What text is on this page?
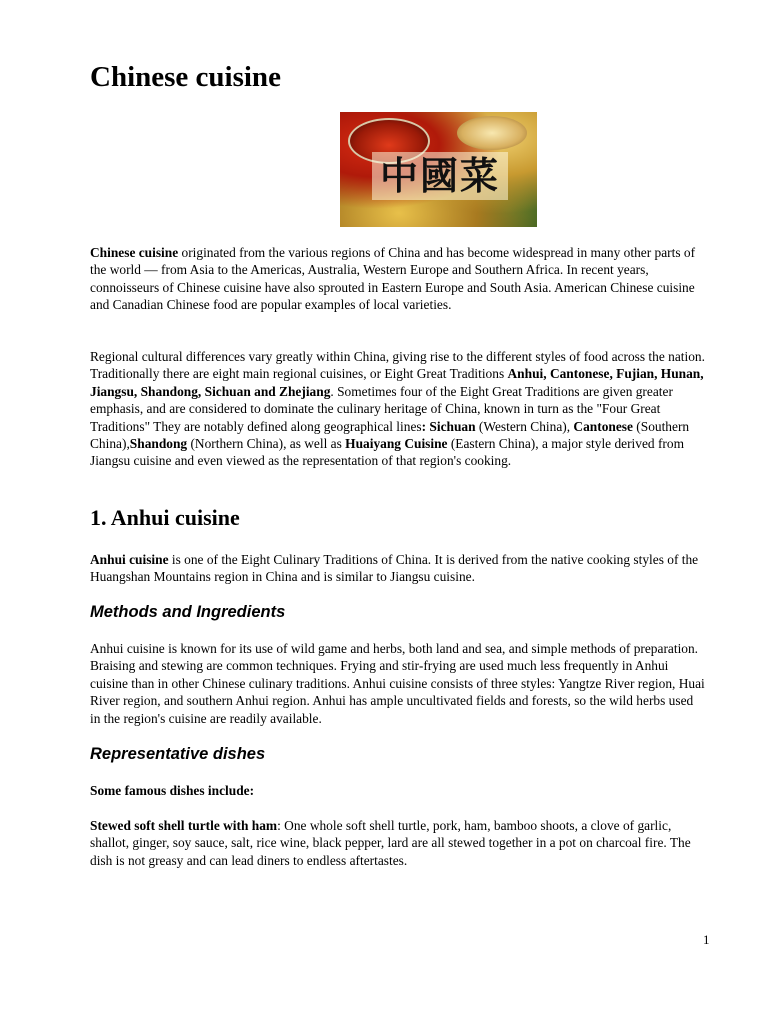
Chinese cuisine
中國菜

Chinese cuisine originated from the various regions of China and has become widespread in many other parts of the world — from Asia to the Americas, Australia, Western Europe and Southern Africa. In recent years, connoisseurs of Chinese cuisine have also sprouted in Eastern Europe and South Asia. American Chinese cuisine and Canadian Chinese food are popular examples of local varieties.

Regional cultural differences vary greatly within China, giving rise to the different styles of food across the nation. Traditionally there are eight main regional cuisines, or Eight Great Traditions Anhui, Cantonese, Fujian, Hunan, Jiangsu, Shandong, Sichuan and Zhejiang. Sometimes four of the Eight Great Traditions are given greater emphasis, and are considered to dominate the culinary heritage of China, known in turn as the "Four Great Traditions" They are notably defined along geographical lines: Sichuan (Western China), Cantonese (Southern China),Shandong (Northern China), as well as Huaiyang Cuisine (Eastern China), a major style derived from Jiangsu cuisine and even viewed as the representation of that region's cooking.

1. Anhui cuisine

Anhui cuisine is one of the Eight Culinary Traditions of China. It is derived from the native cooking styles of the Huangshan Mountains region in China and is similar to Jiangsu cuisine.

Methods and Ingredients

Anhui cuisine is known for its use of wild game and herbs, both land and sea, and simple methods of preparation. Braising and stewing are common techniques. Frying and stir-frying are used much less frequently in Anhui cuisine than in other Chinese culinary traditions. Anhui cuisine consists of three styles: Yangtze River region, Huai River region, and southern Anhui region. Anhui has ample uncultivated fields and forests, so the wild herbs used in the region's cuisine are readily available.

Representative dishes

Some famous dishes include:

Stewed soft shell turtle with ham: One whole soft shell turtle, pork, ham, bamboo shoots, a clove of garlic, shallot, ginger, soy sauce, salt, rice wine, black pepper, lard are all stewed together in a pot on charcoal fire. The dish is not greasy and can lead diners to endless aftertastes.

1
